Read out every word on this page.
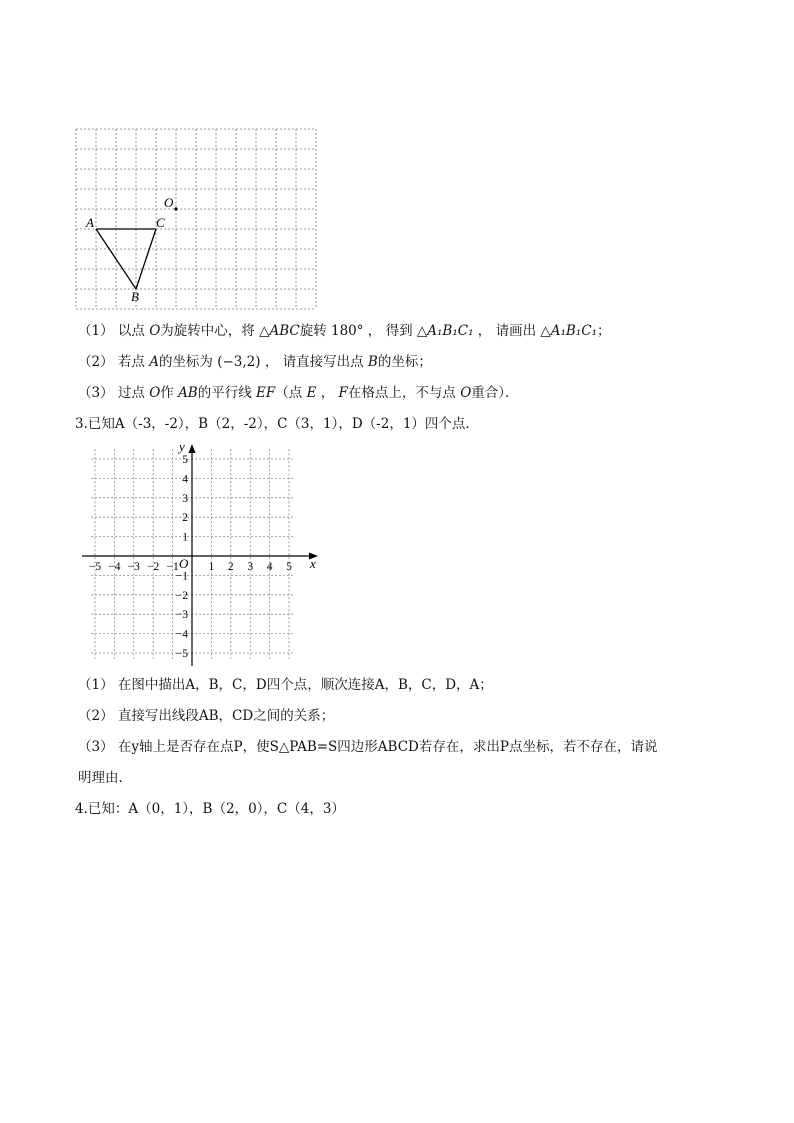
A	C
B
O
（1） 以点 O为旋转中心，将 △ABC旋转 180° ， 得到 △A₁B₁C₁ ， 请画出 △A₁B₁C₁；
（2） 若点 A的坐标为 (−3,2) ， 请直接写出点 B的坐标；
（3） 过点 O作 AB的平行线 EF（点 E ， F在格点上，不与点 O重合）．
3.已知A（-3，-2），B（2，-2），C（3，1），D（-2，1）四个点．
x
y
O
−5 −4 −3 −2 −1	1 2 3 4 5
5
4
3
2
1
−1
−2
−3
−4
−5
（1） 在图中描出A，B，C，D四个点，顺次连接A，B，C，D，A；
（2） 直接写出线段AB，CD之间的关系；
（3） 在y轴上是否存在点P，使S△PAB=S四边形ABCD若存在，求出P点坐标，若不存在，请说
明理由．
4.已知：A（0，1），B（2，0），C（4，3）
